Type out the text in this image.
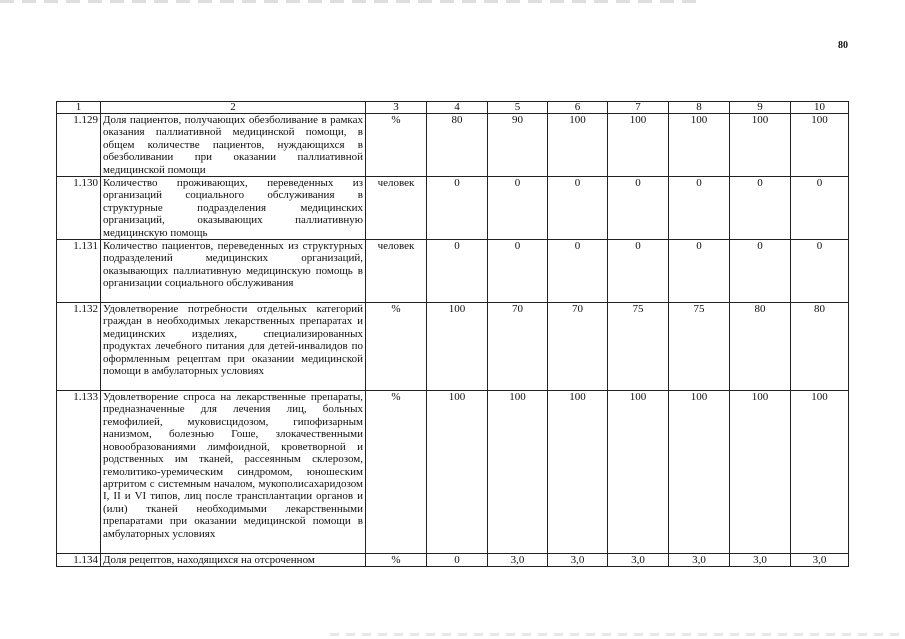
80
1	2	3	4	5	6	7	8	9	10
1.129	Доля пациентов, получающих обезболивание в рамках оказания паллиативной медицинской помощи, в общем количестве пациентов, нуждающихся в обезболивании при оказании паллиативной медицинской помощи	%	80	90	100	100	100	100	100
1.130	Количество проживающих, переведенных из организаций социального обслуживания в структурные подразделения медицинских организаций, оказывающих паллиативную медицинскую помощь	человек	0	0	0	0	0	0	0
1.131	Количество пациентов, переведенных из структурных подразделений медицинских организаций, оказывающих паллиативную медицинскую помощь в организации социального обслуживания	человек	0	0	0	0	0	0	0
1.132	Удовлетворение потребности отдельных категорий граждан в необходимых лекарственных препаратах и медицинских изделиях, специализированных продуктах лечебного питания для детей-инвалидов по оформленным рецептам при оказании медицинской помощи в амбулаторных условиях	%	100	70	70	75	75	80	80
1.133	Удовлетворение спроса на лекарственные препараты, предназначенные для лечения лиц, больных гемофилией, муковисцидозом, гипофизарным нанизмом, болезнью Гоше, злокачественными новообразованиями лимфоидной, кроветворной и родственных им тканей, рассеянным склерозом, гемолитико-уремическим синдромом, юношеским артритом с системным началом, мукополисахаридозом I, II и VI типов, лиц после трансплантации органов и (или) тканей необходимыми лекарственными препаратами при оказании медицинской помощи в амбулаторных условиях	%	100	100	100	100	100	100	100
1.134	Доля рецептов, находящихся на отсроченном	%	0	3,0	3,0	3,0	3,0	3,0	3,0
